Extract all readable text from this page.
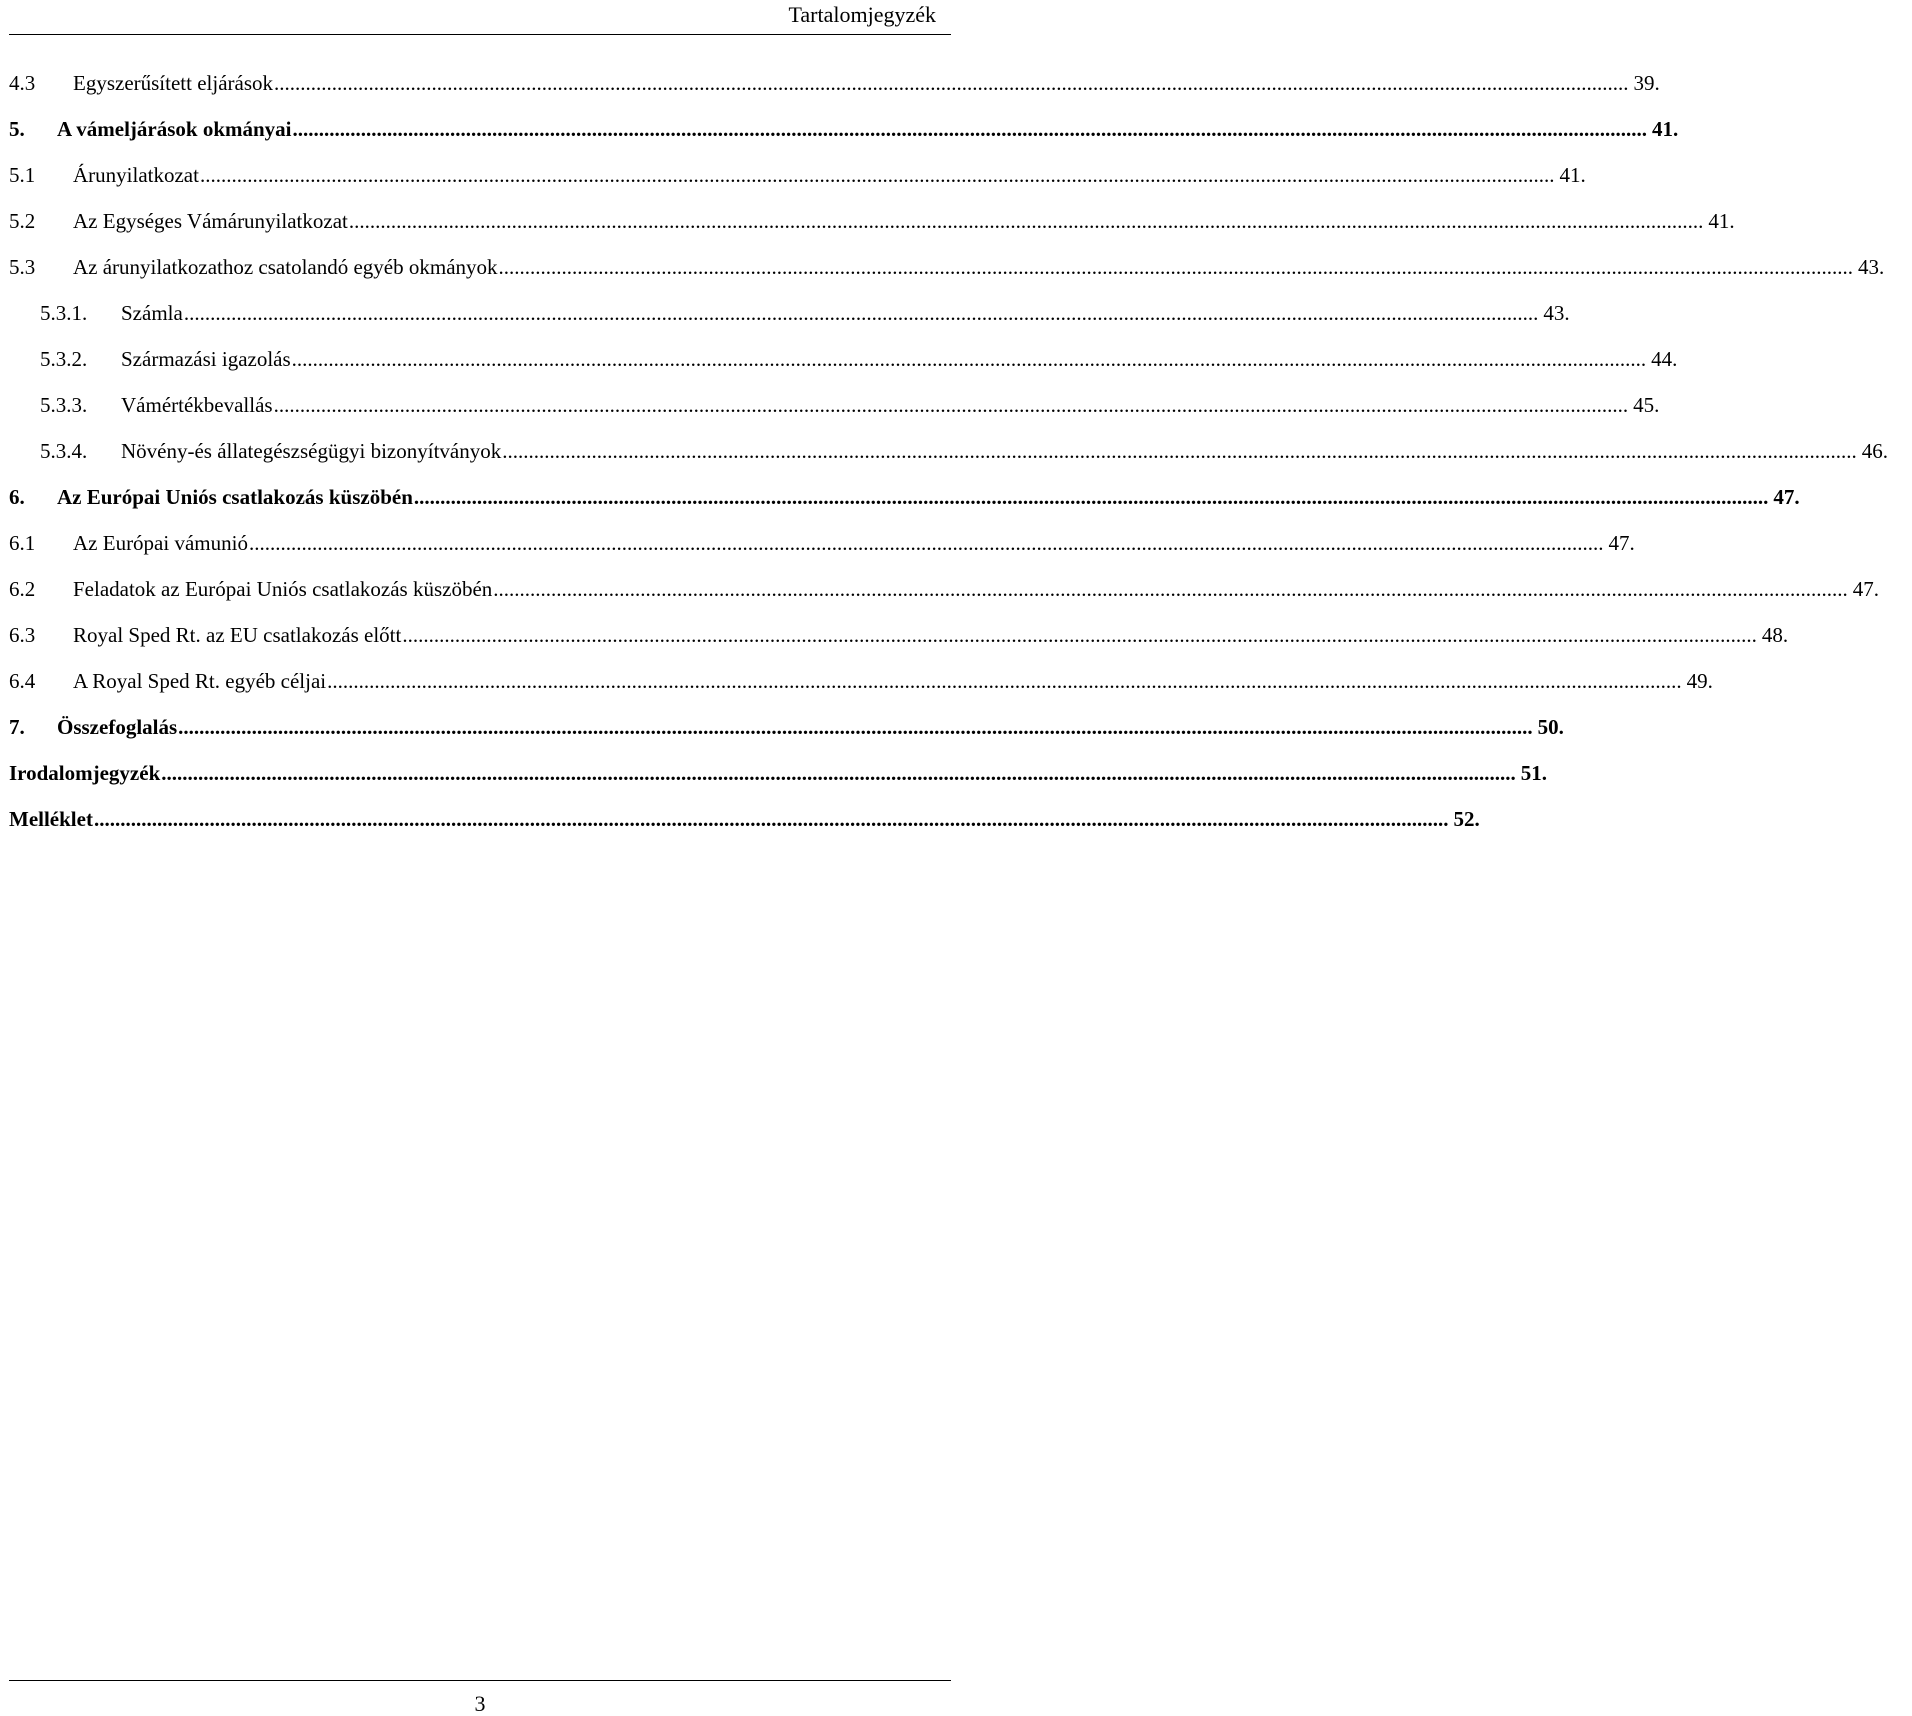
Tartalomjegyzék
4.3	Egyszerűsített eljárások .....	39.
5.	A vámeljárások okmányai .....	41.
5.1	Árunyilatkozat .....	41.
5.2	Az Egységes Vámárunyilatkozat .....	41.
5.3	Az árunyilatkozathoz csatolandó egyéb okmányok .....	43.
5.3.1.	Számla .....	43.
5.3.2.	Származási igazolás .....	44.
5.3.3.	Vámértékbevallás .....	45.
5.3.4.	Növény-és állategészségügyi bizonyítványok .....	46.
6.	Az Európai Uniós csatlakozás küszöbén .....	47.
6.1	Az Európai vámunió .....	47.
6.2	Feladatok az Európai Uniós csatlakozás küszöbén .....	47.
6.3	Royal Sped Rt. az EU csatlakozás előtt .....	48.
6.4	A Royal Sped Rt. egyéb céljai .....	49.
7.	Összefoglalás .....	50.
Irodalomjegyzék .....	51.
Melléklet .....	52.
3
